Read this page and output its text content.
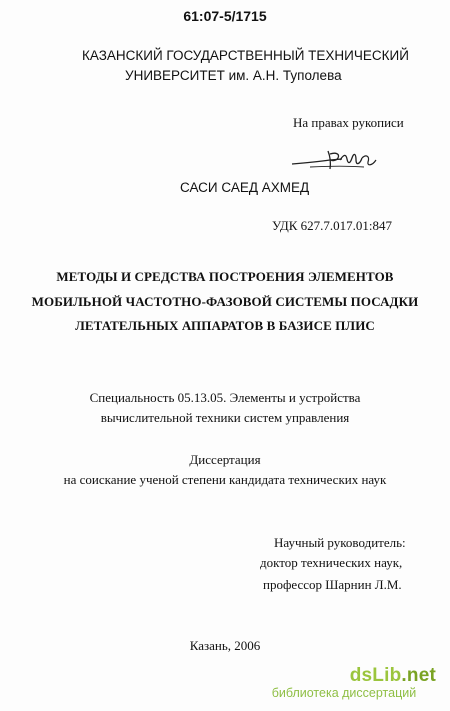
61:07-5/1715
КАЗАНСКИЙ ГОСУДАРСТВЕННЫЙ ТЕХНИЧЕСКИЙ
УНИВЕРСИТЕТ им. А.Н. Туполева
На правах рукописи
САСИ САЕД АХМЕД
УДК 627.7.017.01:847
МЕТОДЫ И СРЕДСТВА ПОСТРОЕНИЯ ЭЛЕМЕНТОВ
МОБИЛЬНОЙ ЧАСТОТНО-ФАЗОВОЙ СИСТЕМЫ ПОСАДКИ
ЛЕТАТЕЛЬНЫХ АППАРАТОВ В БАЗИСЕ ПЛИС
Специальность 05.13.05. Элементы и устройства
вычислительной техники систем управления
Диссертация
на соискание ученой степени кандидата технических наук
Научный руководитель:
доктор технических наук,
профессор Шарнин Л.М.
Казань, 2006
dsLib.net
библиотека диссертаций
